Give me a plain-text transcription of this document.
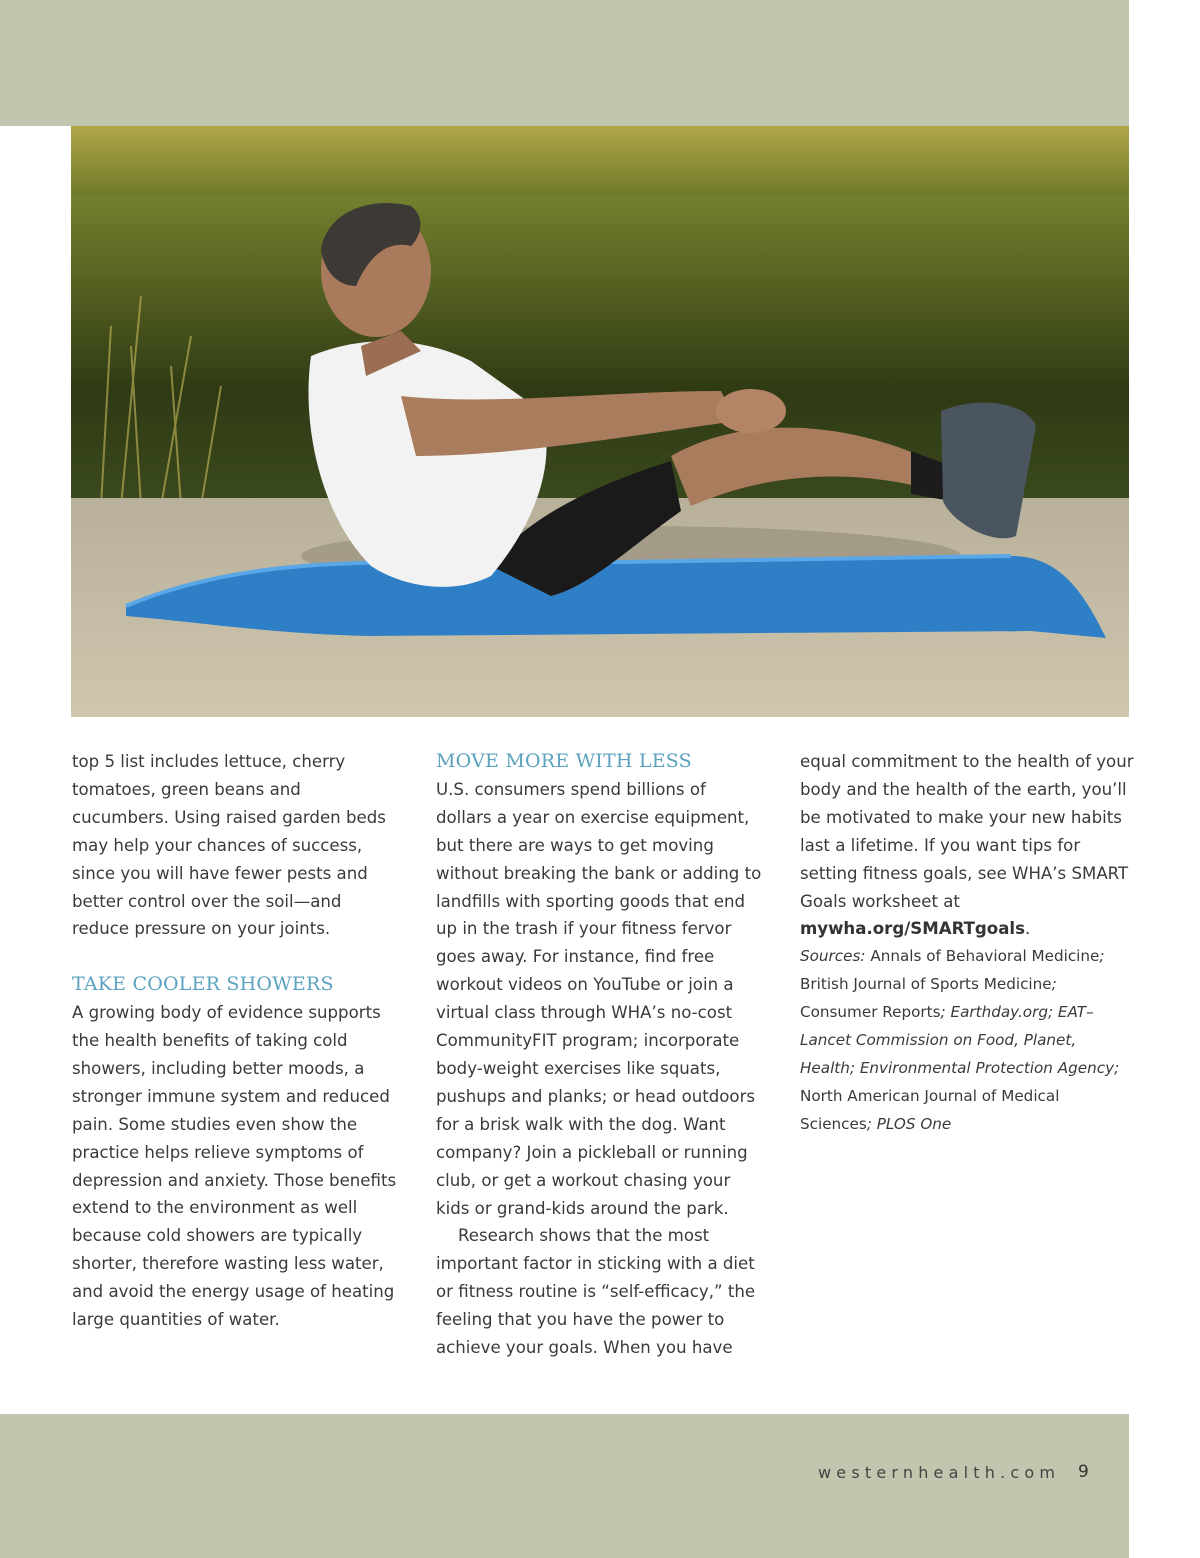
top 5 list includes lettuce, cherry tomatoes, green beans and cucumbers. Using raised garden beds may help your chances of success, since you will have fewer pests and better control over the soil—and reduce pressure on your joints.

TAKE COOLER SHOWERS

A growing body of evidence supports the health benefits of taking cold showers, including better moods, a stronger immune system and reduced pain. Some studies even show the practice helps relieve symptoms of depression and anxiety. Those benefits extend to the environment as well because cold showers are typically shorter, therefore wasting less water, and avoid the energy usage of heating large quantities of water.

MOVE MORE WITH LESS

U.S. consumers spend billions of dollars a year on exercise equipment, but there are ways to get moving without breaking the bank or adding to landfills with sporting goods that end up in the trash if your fitness fervor goes away. For instance, find free workout videos on YouTube or join a virtual class through WHA’s no-cost CommunityFIT program; incorporate body-weight exercises like squats, pushups and planks; or head outdoors for a brisk walk with the dog. Want company? Join a pickleball or running club, or get a workout chasing your kids or grand-kids around the park.

Research shows that the most important factor in sticking with a diet or fitness routine is “self-efficacy,” the feeling that you have the power to achieve your goals. When you have

equal commitment to the health of your body and the health of the earth, you’ll be motivated to make your new habits last a lifetime. If you want tips for setting fitness goals, see WHA’s SMART Goals worksheet at mywha.org/SMARTgoals.

Sources: Annals of Behavioral Medicine; British Journal of Sports Medicine; Consumer Reports; Earthday.org; EAT–Lancet Commission on Food, Planet, Health; Environmental Protection Agency; North American Journal of Medical Sciences; PLOS One

westernhealth.com 9
